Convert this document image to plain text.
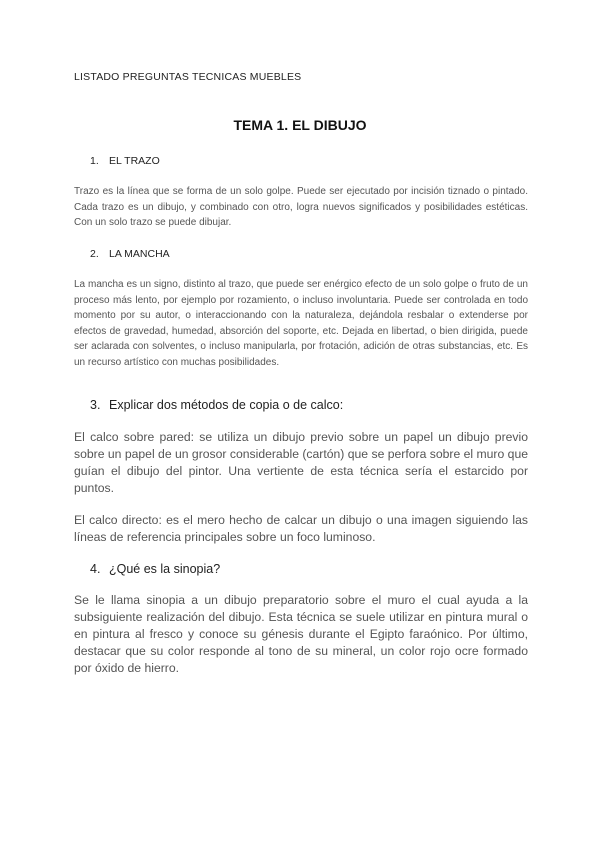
LISTADO PREGUNTAS TECNICAS MUEBLES
TEMA 1. EL DIBUJO
1. EL TRAZO
Trazo es la línea que se forma de un solo golpe. Puede ser ejecutado por incisión tiznado o pintado. Cada trazo es un dibujo, y combinado con otro, logra nuevos significados y posibilidades estéticas. Con un solo trazo se puede dibujar.
2. LA MANCHA
La mancha es un signo, distinto al trazo, que puede ser enérgico efecto de un solo golpe o fruto de un proceso más lento, por ejemplo por rozamiento, o incluso involuntaria. Puede ser controlada en todo momento por su autor, o interaccionando con la naturaleza, dejándola resbalar o extenderse por efectos de gravedad, humedad, absorción del soporte, etc. Dejada en libertad, o bien dirigida, puede ser aclarada con solventes, o incluso manipularla, por frotación, adición de otras substancias, etc. Es un recurso artístico con muchas posibilidades.
3. Explicar dos métodos de copia o de calco:
El calco sobre pared: se utiliza un dibujo previo sobre un papel un dibujo previo sobre un papel de un grosor considerable (cartón) que se perfora sobre el muro que guían el dibujo del pintor. Una vertiente de esta técnica sería el estarcido por puntos.
El calco directo: es el mero hecho de calcar un dibujo o una imagen siguiendo las líneas de referencia principales sobre un foco luminoso.
4. ¿Qué es la sinopia?
Se le llama sinopia a un dibujo preparatorio sobre el muro el cual ayuda a la subsiguiente realización del dibujo. Esta técnica se suele utilizar en pintura mural o en pintura al fresco y conoce su génesis durante el Egipto faraónico. Por último, destacar que su color responde al tono de su mineral, un color rojo ocre formado por óxido de hierro.
